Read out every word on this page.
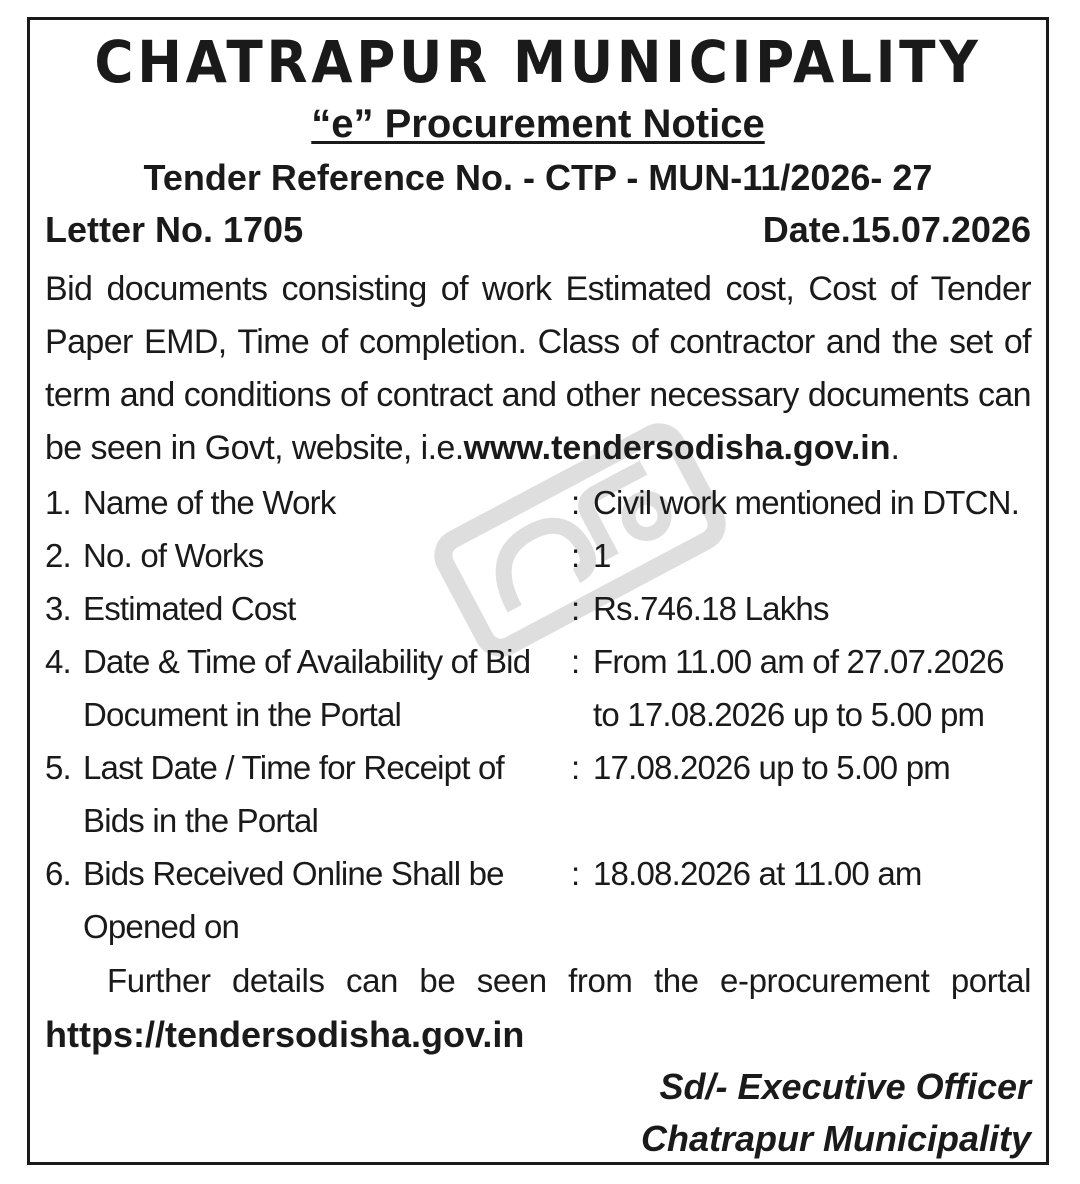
CHATRAPUR MUNICIPALITY
“e” Procurement Notice
Tender Reference No. - CTP - MUN-11/2026- 27
Letter No. 1705	Date.15.07.2026
Bid documents consisting of work Estimated cost, Cost of Tender Paper EMD, Time of completion. Class of contractor and the set of term and conditions of contract and other necessary documents can be seen in Govt, website, i.e.www.tendersodisha.gov.in.
1. Name of the Work	: Civil work mentioned in DTCN.
2. No. of Works	: 1
3. Estimated Cost	: Rs.746.18 Lakhs
4. Date & Time of Availability of Bid Document in the Portal
: From 11.00 am of 27.07.2026 to 17.08.2026 up to 5.00 pm
5. Last Date / Time for Receipt of Bids in the Portal
: 17.08.2026 up to 5.00 pm
6. Bids Received Online Shall be Opened on
: 18.08.2026 at 11.00 am
Further details can be seen from the e-procurement portal
https://tendersodisha.gov.in
Sd/- Executive Officer
Chatrapur Municipality
